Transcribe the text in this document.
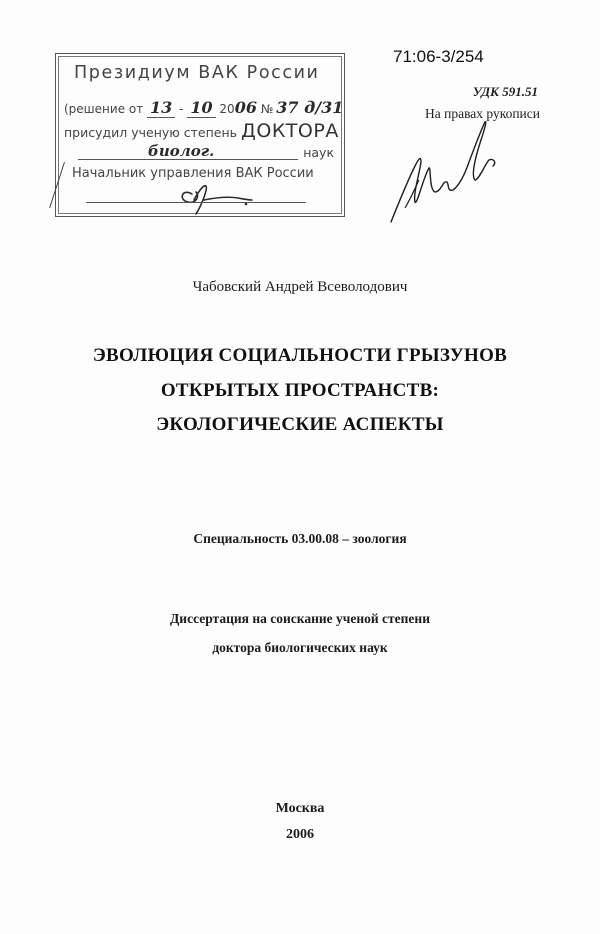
Президиум ВАК России
(решение от 13 - 10 2006 № 37 д/31
присудил ученую степень ДОКТОРА
биолог.	наук
Начальник управления ВАК России
71:06-3/254
УДК 591.51
На правах рукописи
Чабовский Андрей Всеволодович
ЭВОЛЮЦИЯ СОЦИАЛЬНОСТИ ГРЫЗУНОВ
ОТКРЫТЫХ ПРОСТРАНСТВ:
ЭКОЛОГИЧЕСКИЕ АСПЕКТЫ
Специальность 03.00.08 – зоология
Диссертация на соискание ученой степени
доктора биологических наук
Москва
2006
